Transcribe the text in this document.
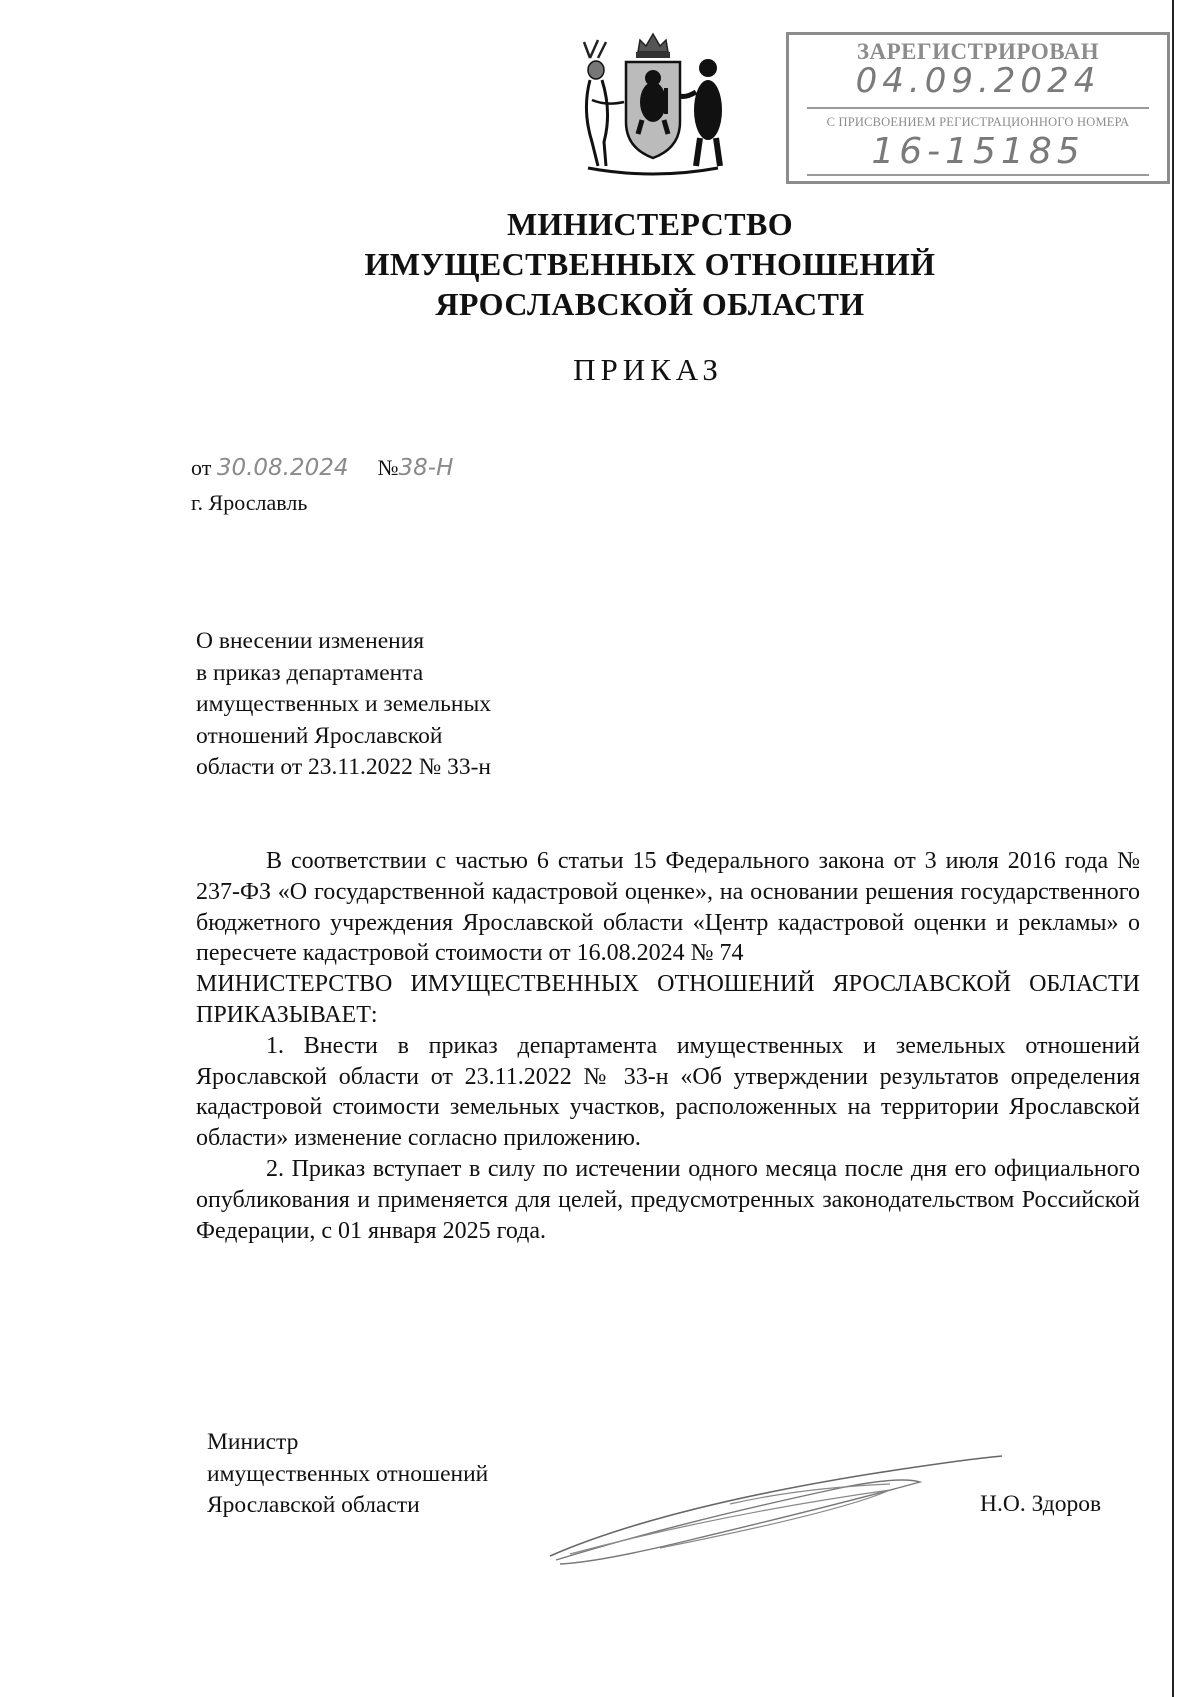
ЗАРЕГИСТРИРОВАН
04.09.2024
С ПРИСВОЕНИЕМ РЕГИСТРАЦИОННОГО НОМЕРА
16-15185
МИНИСТЕРСТВО
ИМУЩЕСТВЕННЫХ ОТНОШЕНИЙ
ЯРОСЛАВСКОЙ ОБЛАСТИ
ПРИКАЗ
от 30.08.2024 №38-Н
г. Ярославль
О внесении изменения
в приказ департамента
имущественных и земельных
отношений Ярославской
области от 23.11.2022 № 33-н

В соответствии с частью 6 статьи 15 Федерального закона от 3 июля 2016 года № 237-ФЗ «О государственной кадастровой оценке», на основании решения государственного бюджетного учреждения Ярославской области «Центр кадастровой оценки и рекламы» о пересчете кадастровой стоимости от 16.08.2024 № 74

МИНИСТЕРСТВО ИМУЩЕСТВЕННЫХ ОТНОШЕНИЙ ЯРОСЛАВСКОЙ ОБЛАСТИ ПРИКАЗЫВАЕТ:

1. Внести в приказ департамента имущественных и земельных отношений Ярославской области от 23.11.2022 № 33-н «Об утверждении результатов определения кадастровой стоимости земельных участков, расположенных на территории Ярославской области» изменение согласно приложению.

2. Приказ вступает в силу по истечении одного месяца после дня его официального опубликования и применяется для целей, предусмотренных законодательством Российской Федерации, с 01 января 2025 года.

Министр
имущественных отношений
Ярославской области	Н.О. Здоров
